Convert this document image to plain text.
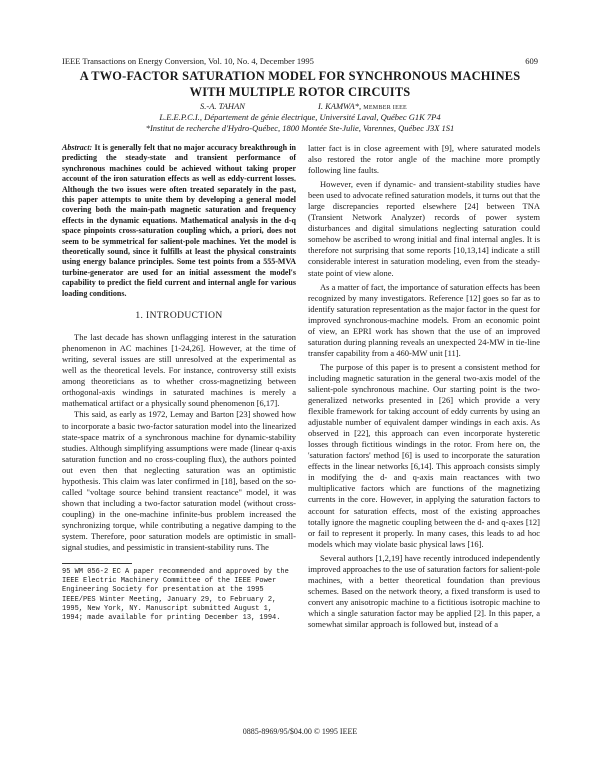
IEEE Transactions on Energy Conversion, Vol. 10, No. 4, December 1995	609
A TWO-FACTOR SATURATION MODEL FOR SYNCHRONOUS MACHINES WITH MULTIPLE ROTOR CIRCUITS
S.-A. TAHAN	I. KAMWA*, MEMBER IEEE
L.E.E.P.C.I., Département de génie électrique, Université Laval, Québec G1K 7P4
*Institut de recherche d'Hydro-Québec, 1800 Montée Ste-Julie, Varennes, Québec J3X 1S1
Abstract: It is generally felt that no major accuracy breakthrough in predicting the steady-state and transient performance of synchronous machines could be achieved without taking proper account of the iron saturation effects as well as eddy-current losses. Although the two issues were often treated separately in the past, this paper attempts to unite them by developing a general model covering both the main-path magnetic saturation and frequency effects in the dynamic equations. Mathematical analysis in the d-q space pinpoints cross-saturation coupling which, a priori, does not seem to be symmetrical for salient-pole machines. Yet the model is theoretically sound, since it fulfills at least the physical constraints using energy balance principles. Some test points from a 555-MVA turbine-generator are used for an initial assessment the model's capability to predict the field current and internal angle for various loading conditions.
1. INTRODUCTION

The last decade has shown unflagging interest in the saturation phenomenon in AC machines [1-24,26]. However, at the time of writing, several issues are still unresolved at the experimental as well as the theoretical levels. For instance, controversy still exists among theoreticians as to whether cross-magnetizing between orthogonal-axis windings in saturated machines is merely a mathematical artifact or a physically sound phenomenon [6,17].

This said, as early as 1972, Lemay and Barton [23] showed how to incorporate a basic two-factor saturation model into the linearized state-space matrix of a synchronous machine for dynamic-stability studies. Although simplifying assumptions were made (linear q-axis saturation function and no cross-coupling flux), the authors pointed out even then that neglecting saturation was an optimistic hypothesis. This claim was later confirmed in [18], based on the so-called "voltage source behind transient reactance" model, it was shown that including a two-factor saturation model (without cross-coupling) in the one-machine infinite-bus problem increased the synchronizing torque, while contributing a negative damping to the system. Therefore, poor saturation models are optimistic in small-signal studies, and pessimistic in transient-stability runs. The

95 WM 056-2 EC A paper recommended and approved by the IEEE Electric Machinery Committee of the IEEE Power Engineering Society for presentation at the 1995 IEEE/PES Winter Meeting, January 29, to February 2, 1995, New York, NY. Manuscript submitted August 1, 1994; made available for printing December 13, 1994.

latter fact is in close agreement with [9], where saturated models also restored the rotor angle of the machine more promptly following line faults.

However, even if dynamic- and transient-stability studies have been used to advocate refined saturation models, it turns out that the large discrepancies reported elsewhere [24] between TNA (Transient Network Analyzer) records of power system disturbances and digital simulations neglecting saturation could somehow be ascribed to wrong initial and final internal angles. It is therefore not surprising that some reports [10,13,14] indicate a still considerable interest in saturation modeling, even from the steady-state point of view alone.

As a matter of fact, the importance of saturation effects has been recognized by many investigators. Reference [12] goes so far as to identify saturation representation as the major factor in the quest for improved synchronous-machine models. From an economic point of view, an EPRI work has shown that the use of an improved saturation during planning reveals an unexpected 24-MW in tie-line transfer capability from a 460-MW unit [11].

The purpose of this paper is to present a consistent method for including magnetic saturation in the general two-axis model of the salient-pole synchronous machine. Our starting point is the two-generalized networks presented in [26] which provide a very flexible framework for taking account of eddy currents by using an adjustable number of equivalent damper windings in each axis. As observed in [22], this approach can even incorporate hysteretic losses through fictitious windings in the rotor. From here on, the 'saturation factors' method [6] is used to incorporate the saturation effects in the linear networks [6,14]. This approach consists simply in modifying the d- and q-axis main reactances with two multiplicative factors which are functions of the magnetizing currents in the core. However, in applying the saturation factors to account for saturation effects, most of the existing approaches totally ignore the magnetic coupling between the d- and q-axes [12] or fail to represent it properly. In many cases, this leads to ad hoc models which may violate basic physical laws [16].

Several authors [1,2,19] have recently introduced independently improved approaches to the use of saturation factors for salient-pole machines, with a better theoretical foundation than previous schemes. Based on the network theory, a fixed transform is used to convert any anisotropic machine to a fictitious isotropic machine to which a single saturation factor may be applied [2]. In this paper, a somewhat similar approach is followed but, instead of a

0885-8969/95/$04.00 © 1995 IEEE
